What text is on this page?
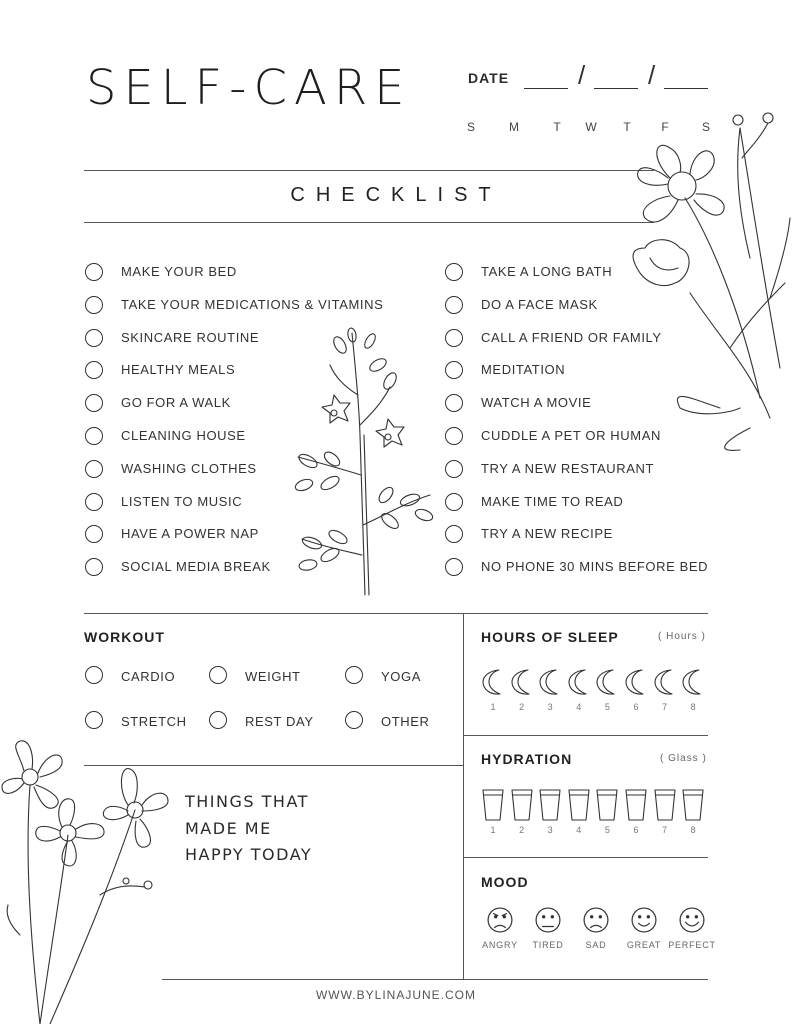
SELF-CARE	DATE	/ /
S	M	T	W	T	F	S
CHECKLIST
MAKE YOUR BED
TAKE YOUR MEDICATIONS & VITAMINS
SKINCARE ROUTINE
HEALTHY MEALS
GO FOR A WALK
CLEANING HOUSE
WASHING CLOTHES
LISTEN TO MUSIC
HAVE A POWER NAP
SOCIAL MEDIA BREAK
TAKE A LONG BATH
DO A FACE MASK
CALL A FRIEND OR FAMILY
MEDITATION
WATCH A MOVIE
CUDDLE A PET OR HUMAN
TRY A NEW RESTAURANT
MAKE TIME TO READ
TRY A NEW RECIPE
NO PHONE 30 MINS BEFORE BED
WORKOUT
CARDIO	WEIGHT	YOGA
STRETCH	REST DAY	OTHER
THINGS THAT
MADE ME
HAPPY TODAY
HOURS OF SLEEP	( Hours )
1	2	3	4	5	6	7	8
HYDRATION	( Glass )
1	2	3	4	5	6	7	8
MOOD
ANGRY	TIRED	SAD	GREAT PERFECT
WWW.BYLINAJUNE.COM
